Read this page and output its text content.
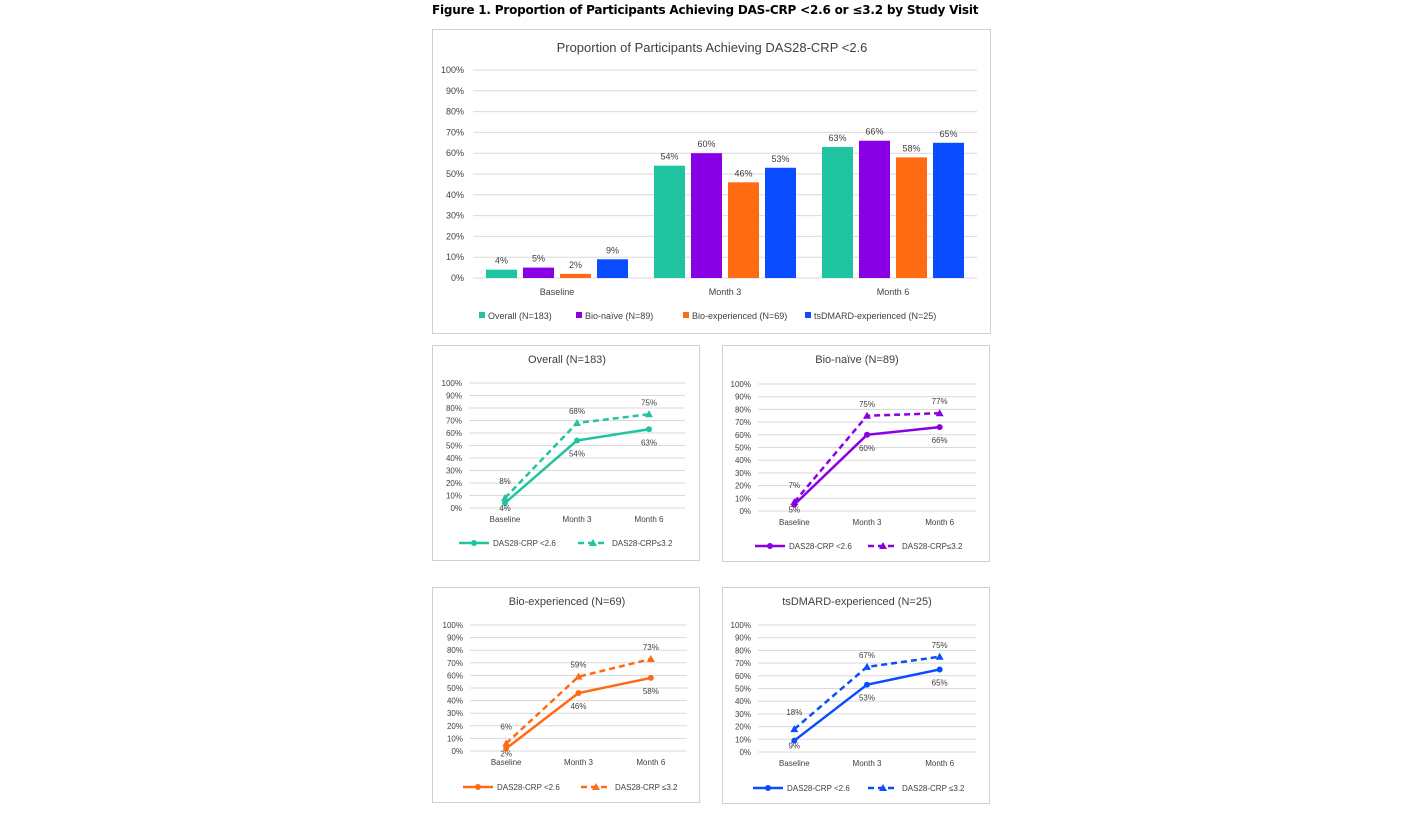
Figure 1. Proportion of Participants Achieving DAS-CRP <2.6 or ≤3.2 by Study Visit
Proportion of Participants Achieving DAS28-CRP <2.6
0%
10%
20%
30%
40%
50%
60%
70%
80%
90%
100%
Baseline
4%	5%
2%
9%
Month 3
54%
60%
46%
53%
Month 6
63%
66%
58%
65%
Overall (N=183)	Bio-naïve (N=89)	Bio-experienced (N=69)	tsDMARD-experienced (N=25)
Overall (N=183)
0%
10%
20%
30%
40%
50%
60%
70%
80%
90%
100%
Baseline	Month 3	Month 6
4%
54%
63%
8%
68%
75%
DAS28-CRP <2.6	DAS28-CRP≤3.2
Bio-naïve (N=89)
0%
10%
20%
30%
40%
50%
60%
70%
80%
90%
100%
Baseline	Month 3	Month 6
5%
60%
66%
7%
75%	77%
DAS28-CRP <2.6	DAS28-CRP≤3.2
Bio-experienced (N=69)
0%
10%
20%
30%
40%
50%
60%
70%
80%
90%
100%
Baseline	Month 3	Month 6
2%
46%
58%
6%
59%
73%
DAS28-CRP <2.6	DAS28-CRP ≤3.2
tsDMARD-experienced (N=25)
0%
10%
20%
30%
40%
50%
60%
70%
80%
90%
100%
Baseline	Month 3	Month 6
9%
53%
65%
18%
67%
75%
DAS28-CRP <2.6	DAS28-CRP ≤3.2
